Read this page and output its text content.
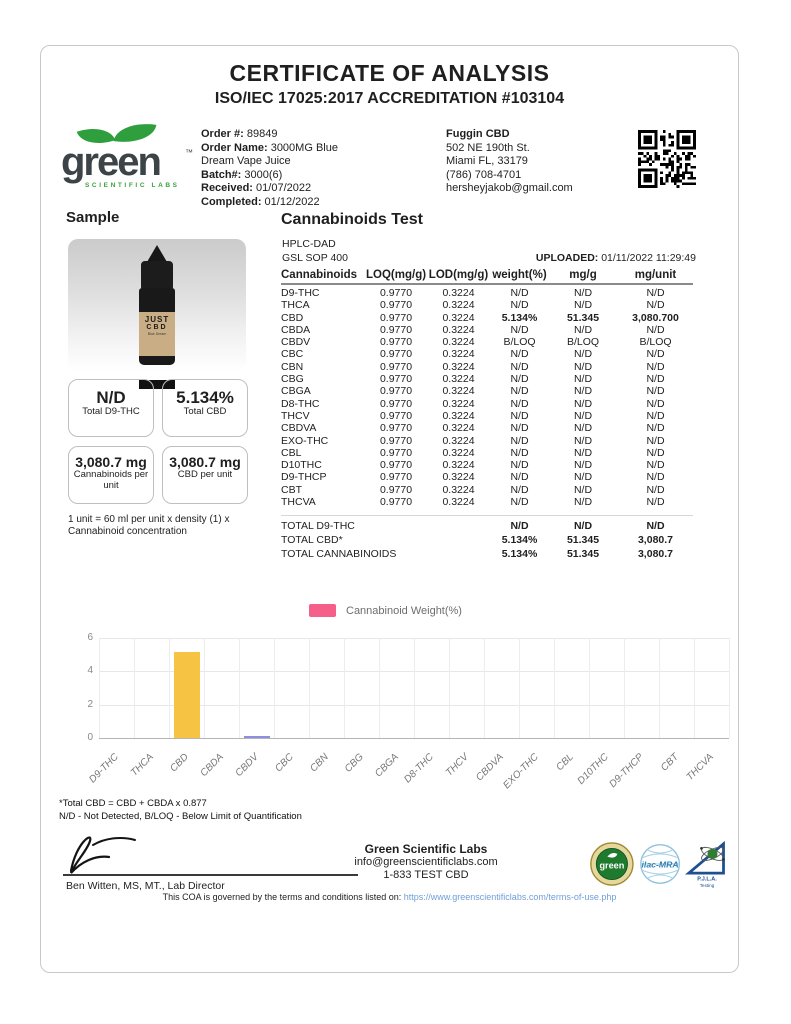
CERTIFICATE OF ANALYSIS
ISO/IEC 17025:2017 ACCREDITATION #103104
green	™
SCIENTIFIC LABS
Order #: 89849
Order Name: 3000MG Blue Dream Vape Juice
Batch#: 3000(6)
Received: 01/07/2022
Completed: 01/12/2022
Fuggin CBD
502 NE 190th St.
Miami FL, 33179
(786) 708-4701
hersheyjakob@gmail.com
Sample
JUST
CBD
Blue Dream
N/D
Total D9-THC
5.134%
Total CBD
3,080.7 mg
Cannabinoids per unit
3,080.7 mg
CBD per unit
1 unit = 60 ml per unit x density (1) x Cannabinoid concentration
Cannabinoids Test
HPLC-DAD
GSL SOP 400	UPLOADED: 01/11/2022 11:29:49
Cannabinoids LOQ(mg/g) LOD(mg/g) weight(%)	mg/g	mg/unit
D9-THC	0.9770	0.3224	N/D	N/D	N/D
THCA	0.9770	0.3224	N/D	N/D	N/D
CBD	0.9770	0.3224	5.134%	51.345	3,080.700
CBDA	0.9770	0.3224	N/D	N/D	N/D
CBDV	0.9770	0.3224	B/LOQ	B/LOQ	B/LOQ
CBC	0.9770	0.3224	N/D	N/D	N/D
CBN	0.9770	0.3224	N/D	N/D	N/D
CBG	0.9770	0.3224	N/D	N/D	N/D
CBGA	0.9770	0.3224	N/D	N/D	N/D
D8-THC	0.9770	0.3224	N/D	N/D	N/D
THCV	0.9770	0.3224	N/D	N/D	N/D
CBDVA	0.9770	0.3224	N/D	N/D	N/D
EXO-THC	0.9770	0.3224	N/D	N/D	N/D
CBL	0.9770	0.3224	N/D	N/D	N/D
D10THC	0.9770	0.3224	N/D	N/D	N/D
D9-THCP	0.9770	0.3224	N/D	N/D	N/D
CBT	0.9770	0.3224	N/D	N/D	N/D
THCVA	0.9770	0.3224	N/D	N/D	N/D
TOTAL D9-THC	N/D	N/D	N/D
TOTAL CBD*	5.134%	51.345	3,080.7
TOTAL CANNABINOIDS	5.134%	51.345	3,080.7
Cannabinoid Weight(%)
0
2
4
6
D9-THC THCA	CBD CBDA CBDV	CBC	CBN	CBG CBGA D8-THC THCV CBDVA
EXO-THC	CBL D10THC
D9-THCP	CBT THCVA
*Total CBD = CBD + CBDA x 0.877
N/D - Not Detected, B/LOQ - Below Limit of Quantification
Ben Witten, MS, MT., Lab Director
Green Scientific Labs
info@greenscientificlabs.com
1-833 TEST CBD
green ilac-MRA
P.J.L.A.
Testing
This COA is governed by the terms and conditions listed on: https://www.greenscientificlabs.com/terms-of-use.php
